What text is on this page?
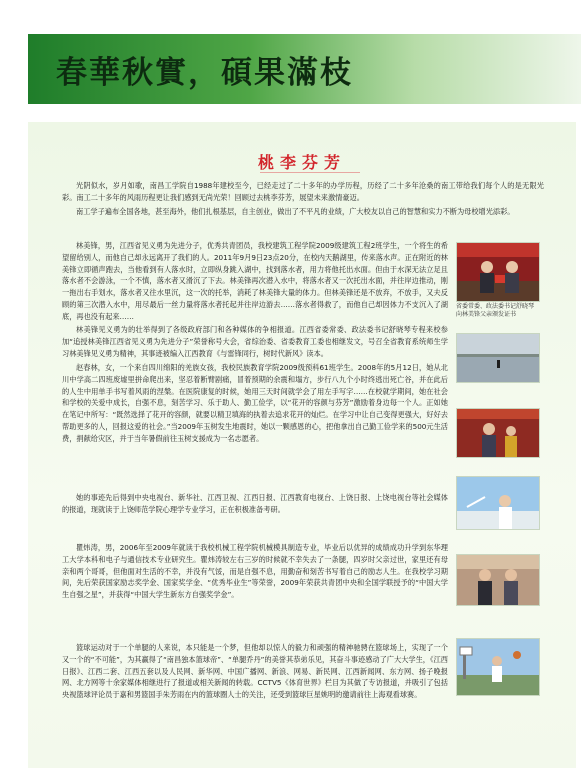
春華秋實，碩果滿枝
桃李芬芳

光阴似水，岁月如歌，南昌工学院自1988年建校至今，已经走过了二十多年的办学历程，历经了二十多年沧桑的南工带给我们每个人的是无限光彩。南工二十多年的风雨历程更让我们感到无尚光荣！回顾过去桃李芬芳，展望未来激情豪迈。

南工学子遍布全国各地，甚至海外，他们扎根基层，自主创业，做出了不平凡的业绩，广大校友以自己的智慧和实力不断为母校增光添彩。

林美锋，男，江西省见义勇为先进分子，优秀共青团员，我校建筑工程学院2009级建筑工程2班学生，一个将生的希望留给别人，而他自己却永远离开了我们的人。2011年9月9日23点20分，在校内天鹅湖里，传来落水声。正在附近的林美锋立即循声跑去，当他看到有人落水时，立即纵身跳入湖中，找到落水者，用力将他托出水面。但由于水深无法立足且落水者不会游泳，一个不慎，落水者又滑沉了下去。林美锋再次潜入水中，将落水者又一次托出水面，并往岸边推动，刚一拖出右手划水，落水者又往水里沉，这一次的托举，消耗了林美锋大量的体力。但林美锋还是不放弃，不放手，又夫反顾的第三次潜入水中，用尽最后一丝力量将落水者托起并往岸边游去……落水者得救了，而他自己却因体力不支沉入了湖底，再也没有起来……

林美锋见义勇为的壮举得到了各级政府部门和各种媒体的争相报道。江西省委常委、政法委书记舒晓琴专程来校参加“追授林美锋江西省见义勇为先进分子”荣誉称号大会，省综治委、省委教育工委也相继发文，号召全省教育系统师生学习林美锋见义勇为精神，其事迹被编入江西教育《与雷锋同行，树时代新风》读本。

省委常委、政法委书记舒晓琴向林美锋父亲颁发证书

赵春林，女，一个来自四川绵阳的羌族女孩，我校民族教育学院2009级预科61班学生。2008年的5月12日，她从北川中学高二四班废墟里拼命爬出来，坚忍着断臂剧痛，冒着预期的余震和塌方，步行八九个小时终逃出死亡谷，并在此后的人生中用单手书写着风雨的涅槃。在医院康复的时候，她用三天时间就学会了用左手写字……在校就学期间，她在社会和学校的关爱中成长，自强不息，刻苦学习、乐于助人、勤工俭学，以“花开的容颜与芬芳”激励着身边每一个人。正如她在笔记中所写：“既然选择了花开的容颜，就要以精卫填海的执着去追求花开的灿烂。在学习中让自己变得更强大，好好去帮助更多的人，回报这爱的社会。”当2009年玉树发生地震时，她以一颗感恩的心，把他拿出自己勤工俭学来的500元生活费，捐献给灾区，并于当年暑假前往玉树支援成为一名志愿者。

她的事迹先后得到中央电视台、新华社、江西卫视、江西日报、江西教育电视台、上饶日报、上饶电视台等社会媒体的报道，现就读于上饶师范学院心理学专业学习，正在积极准备考研。

瞿炜涛，男，2006年至2009年就读于我校机械工程学院机械模具制造专业，毕业后以优异的成绩成功升学到东华理工大学本科和电子与通信技术专业研究生。瞿炜涛较左右三岁的时候就不幸失去了一条腿，四岁时父亲过世，家里还有母亲和两个哥哥，但他面对生活的不幸，并没有气馁，而是自强不息，用勤奋和刻苦书写着自己的励志人生。在我校学习期间，先后荣获国家励志奖学金、国家奖学金、“优秀毕业生”等荣誉，2009年荣获共青团中央和全国学联授予的“中国大学生自强之星”，并获得“中国大学生新东方自强奖学金”。

篮球运动对于一个单腿的人来说，本只能是一个梦，但他却以惊人的毅力和顽强的精神驰骋在篮球场上，实现了一个又一个的“不可能”，为其赢得了“南昌独本篮球帝”、“单腿乔丹”的美誉其恭弟乐见，其奋斗事迹感动了广大大学生，《江西日报》、江西二套、江西五套以及人民网、新华网、中国广播网、新浪、网易、新民网、江西新闻网、东方网、扬子晚报网、北方网等十余家媒体相继进行了报道或相关新闻的转载。CCTV5《体育世界》栏目为其做了专访报道，并吸引了包括央视篮球评论员于嘉和男篮国手朱芳雨在内的篮球圈人士的关注，还受到篮球巨星姚明的邀请前往上海观看球赛。
